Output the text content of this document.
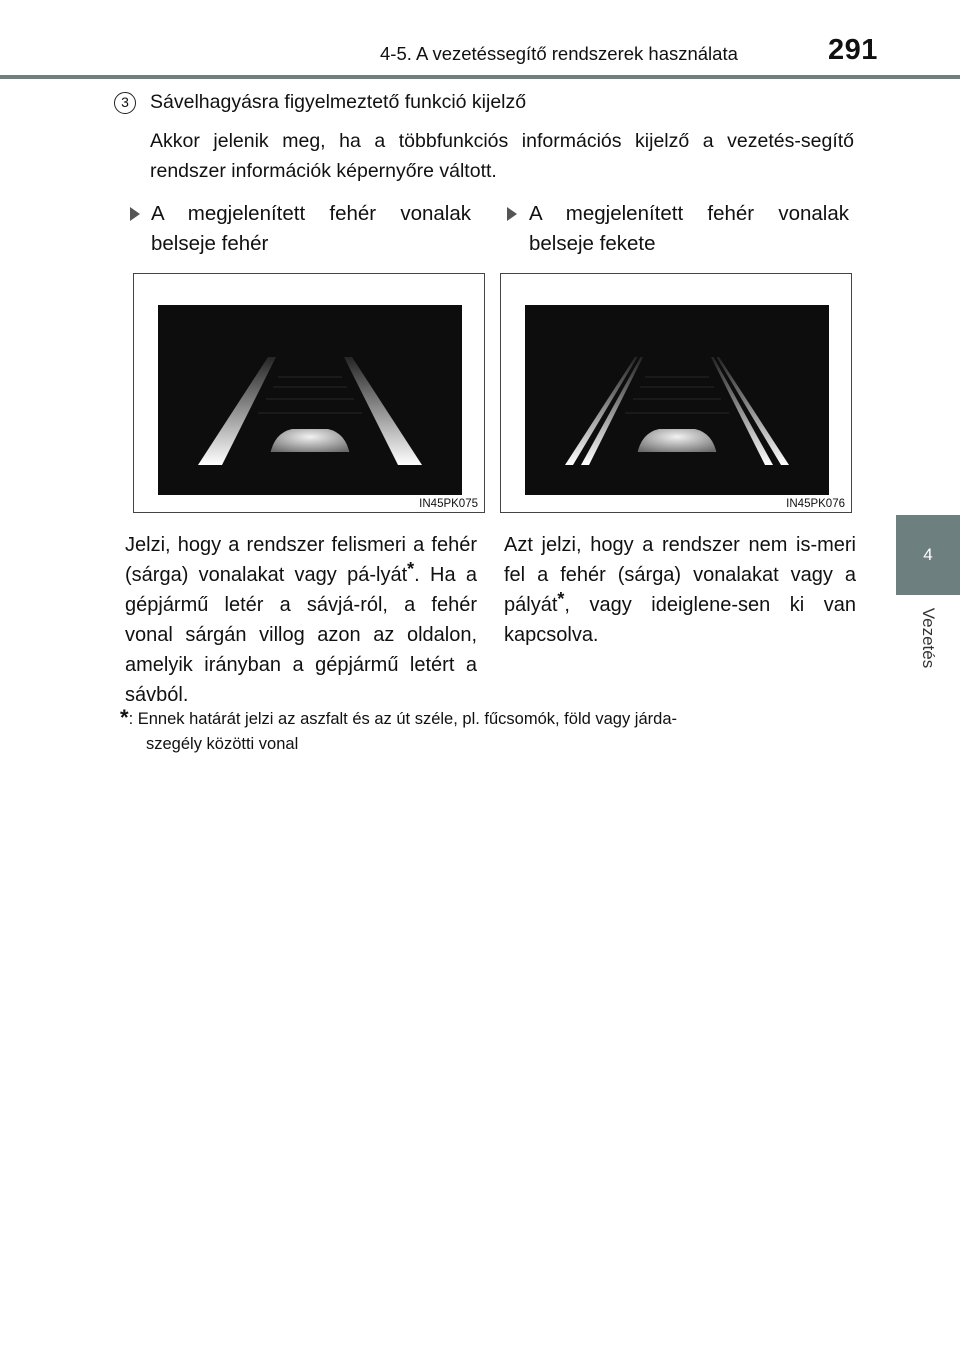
4-5. A vezetéssegítő rendszerek használata	291
4
Vezetés
3	Sávelhagyásra figyelmeztető funkció kijelző
Akkor jelenik meg, ha a többfunkciós információs kijelző a vezetés-segítő rendszer információk képernyőre váltott.
A megjelenített fehér vonalak belseje fehér
A megjelenített fehér vonalak belseje fekete
IN45PK075	IN45PK076
Jelzi, hogy a rendszer felismeri a fehér (sárga) vonalakat vagy pá-lyát*. Ha a gépjármű letér a sávjá-ról, a fehér vonal sárgán villog azon az oldalon, amelyik irányban a gépjármű letért a sávból.
Azt jelzi, hogy a rendszer nem is-meri fel a fehér (sárga) vonalakat vagy a pályát*, vagy ideiglene-sen ki van kapcsolva.
*: Ennek határát jelzi az aszfalt és az út széle, pl. fűcsomók, föld vagy járda-
szegély közötti vonal
